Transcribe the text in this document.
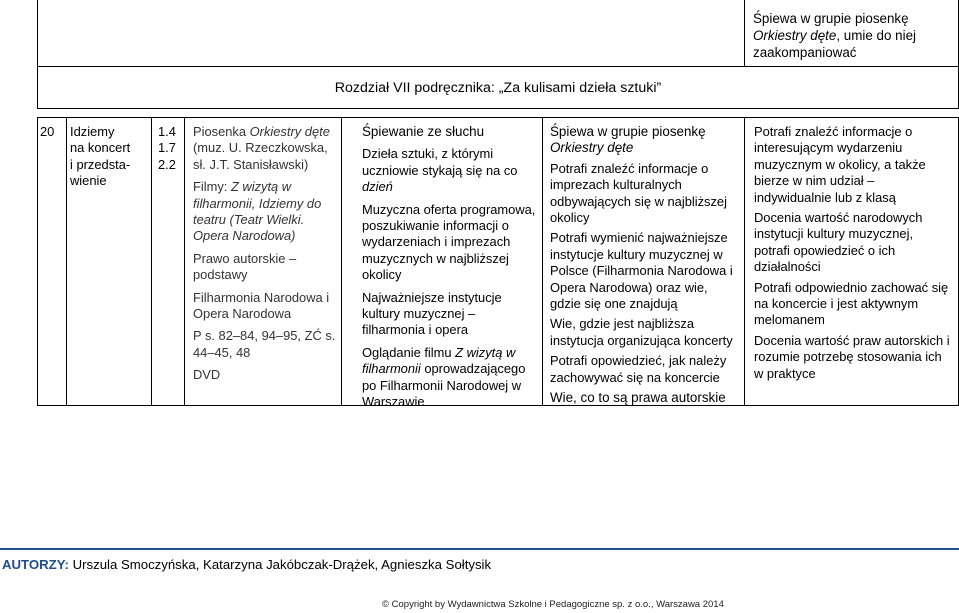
Śpiewa w grupie piosenkę
Orkiestry dęte, umie do niej
zaakompaniować
Rozdział VII podręcznika: „Za kulisami dzieła sztuki”
20	Idziemy
na koncert
i przedsta-
wienie
1.4
1.7
2.2
Piosenka Orkiestry dęte (muz. U. Rzeczkowska, sł. J.T. Stanisławski)
Filmy: Z wizytą w filharmonii, Idziemy do teatru (Teatr Wielki. Opera Narodowa)
Prawo autorskie – podstawy
Filharmonia Narodowa i Opera Narodowa
P s. 82–84, 94–95, ZĆ s. 44–45, 48
DVD
Śpiewanie ze słuchu
Dzieła sztuki, z którymi uczniowie stykają się na co dzień
Muzyczna oferta programowa, poszukiwanie informacji o wydarzeniach i imprezach muzycznych w najbliższej okolicy
Najważniejsze instytucje kultury muzycznej – filharmonia i opera
Oglądanie filmu Z wizytą w filharmonii oprowadzającego po Filharmonii Narodowej w Warszawie
Śpiewa w grupie piosenkę Orkiestry dęte
Potrafi znaleźć informacje o imprezach kulturalnych odbywających się w najbliższej okolicy
Potrafi wymienić najważniejsze instytucje kultury muzycznej w Polsce (Filharmonia Narodowa i Opera Narodowa) oraz wie, gdzie się one znajdują
Wie, gdzie jest najbliższa instytucja organizująca koncerty
Potrafi opowiedzieć, jak należy zachowywać się na koncercie
Wie, co to są prawa autorskie
Potrafi znaleźć informacje o interesującym wydarzeniu muzycznym w okolicy, a także bierze w nim udział – indywidualnie lub z klasą
Docenia wartość narodowych instytucji kultury muzycznej, potrafi opowiedzieć o ich działalności
Potrafi odpowiednio zachować się na koncercie i jest aktywnym melomanem
Docenia wartość praw autorskich i rozumie potrzebę stosowania ich w praktyce
AUTORZY: Urszula Smoczyńska, Katarzyna Jakóbczak-Drążek, Agnieszka Sołtysik
© Copyright by Wydawnictwa Szkolne i Pedagogiczne sp. z o.o., Warszawa 2014
